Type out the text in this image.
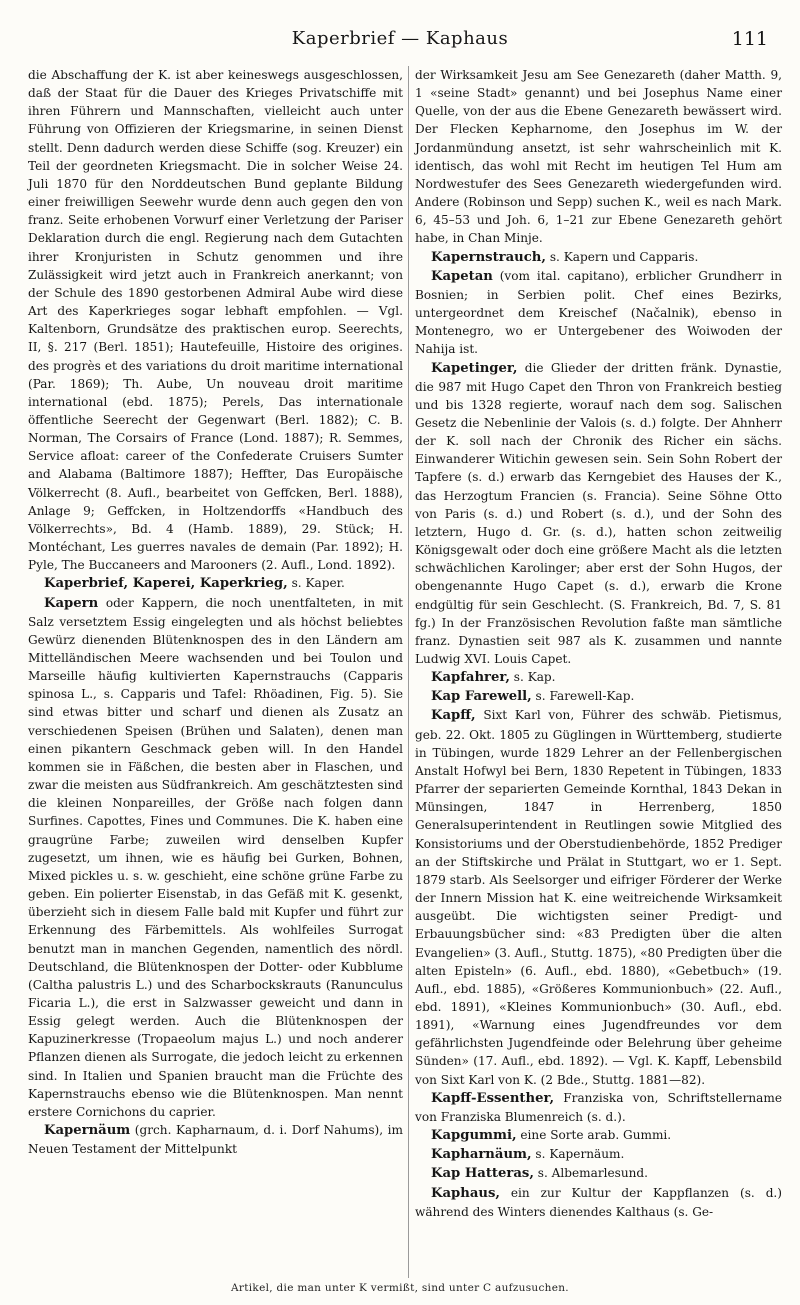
Kaperbrief — Kaphaus	111

die Abschaffung der K. ist aber keineswegs ausgeschlossen, daß der Staat für die Dauer des Krieges Privatschiffe mit ihren Führern und Mannschaften, vielleicht auch unter Führung von Offizieren der Kriegsmarine, in seinen Dienst stellt. Denn dadurch werden diese Schiffe (sog. Kreuzer) ein Teil der geordneten Kriegsmacht. Die in solcher Weise 24. Juli 1870 für den Norddeutschen Bund geplante Bildung einer freiwilligen Seewehr wurde denn auch gegen den von franz. Seite erhobenen Vorwurf einer Verletzung der Pariser Deklaration durch die engl. Regierung nach dem Gutachten ihrer Kronjuristen in Schutz genommen und ihre Zulässigkeit wird jetzt auch in Frankreich anerkannt; von der Schule des 1890 gestorbenen Admiral Aube wird diese Art des Kaperkrieges sogar lebhaft empfohlen. — Vgl. Kaltenborn, Grundsätze des praktischen europ. Seerechts, II, §. 217 (Berl. 1851); Hautefeuille, Histoire des origines. des progrès et des variations du droit maritime international (Par. 1869); Th. Aube, Un nouveau droit maritime international (ebd. 1875); Perels, Das internationale öffentliche Seerecht der Gegenwart (Berl. 1882); C. B. Norman, The Corsairs of France (Lond. 1887); R. Semmes, Service afloat: career of the Confederate Cruisers Sumter and Alabama (Baltimore 1887); Heffter, Das Europäische Völkerrecht (8. Aufl., bearbeitet von Geffcken, Berl. 1888), Anlage 9; Geffcken, in Holtzendorffs «Handbuch des Völkerrechts», Bd. 4 (Hamb. 1889), 29. Stück; H. Montéchant, Les guerres navales de demain (Par. 1892); H. Pyle, The Buccaneers and Marooners (2. Aufl., Lond. 1892).

Kaperbrief, Kaperei, Kaperkrieg, s. Kaper.

Kapern oder Kappern, die noch unentfalteten, in mit Salz versetztem Essig eingelegten und als höchst beliebtes Gewürz dienenden Blütenknospen des in den Ländern am Mittelländischen Meere wachsenden und bei Toulon und Marseille häufig kultivierten Kapernstrauchs (Capparis spinosa L., s. Capparis und Tafel: Rhöadinen, Fig. 5). Sie sind etwas bitter und scharf und dienen als Zusatz an verschiedenen Speisen (Brühen und Salaten), denen man einen pikantern Geschmack geben will. In den Handel kommen sie in Fäßchen, die besten aber in Flaschen, und zwar die meisten aus Südfrankreich. Am geschätztesten sind die kleinen Nonpareilles, der Größe nach folgen dann Surfines. Capottes, Fines und Communes. Die K. haben eine graugrüne Farbe; zuweilen wird denselben Kupfer zugesetzt, um ihnen, wie es häufig bei Gurken, Bohnen, Mixed pickles u. s. w. geschieht, eine schöne grüne Farbe zu geben. Ein polierter Eisenstab, in das Gefäß mit K. gesenkt, überzieht sich in diesem Falle bald mit Kupfer und führt zur Erkennung des Färbemittels. Als wohlfeiles Surrogat benutzt man in manchen Gegenden, namentlich des nördl. Deutschland, die Blütenknospen der Dotter- oder Kubblume (Caltha palustris L.) und des Scharbockskrauts (Ranunculus Ficaria L.), die erst in Salzwasser geweicht und dann in Essig gelegt werden. Auch die Blütenknospen der Kapuzinerkresse (Tropaeolum majus L.) und noch anderer Pflanzen dienen als Surrogate, die jedoch leicht zu erkennen sind. In Italien und Spanien braucht man die Früchte des Kapernstrauchs ebenso wie die Blütenknospen. Man nennt erstere Cornichons du caprier.

Kapernäum (grch. Kapharnaum, d. i. Dorf Nahums), im Neuen Testament der Mittelpunkt

der Wirksamkeit Jesu am See Genezareth (daher Matth. 9, 1 «seine Stadt» genannt) und bei Josephus Name einer Quelle, von der aus die Ebene Genezareth bewässert wird. Der Flecken Kepharnome, den Josephus im W. der Jordanmündung ansetzt, ist sehr wahrscheinlich mit K. identisch, das wohl mit Recht im heutigen Tel Hum am Nordwestufer des Sees Genezareth wiedergefunden wird. Andere (Robinson und Sepp) suchen K., weil es nach Mark. 6, 45–53 und Joh. 6, 1–21 zur Ebene Genezareth gehört habe, in Chan Minje.

Kapernstrauch, s. Kapern und Capparis.

Kapetan (vom ital. capitano), erblicher Grundherr in Bosnien; in Serbien polit. Chef eines Bezirks, untergeordnet dem Kreischef (Načalnik), ebenso in Montenegro, wo er Untergebener des Woiwoden der Nahija ist.

Kapetinger, die Glieder der dritten fränk. Dynastie, die 987 mit Hugo Capet den Thron von Frankreich bestieg und bis 1328 regierte, worauf nach dem sog. Salischen Gesetz die Nebenlinie der Valois (s. d.) folgte. Der Ahnherr der K. soll nach der Chronik des Richer ein sächs. Einwanderer Witichin gewesen sein. Sein Sohn Robert der Tapfere (s. d.) erwarb das Kerngebiet des Hauses der K., das Herzogtum Francien (s. Francia). Seine Söhne Otto von Paris (s. d.) und Robert (s. d.), und der Sohn des letztern, Hugo d. Gr. (s. d.), hatten schon zeitweilig Königsgewalt oder doch eine größere Macht als die letzten schwächlichen Karolinger; aber erst der Sohn Hugos, der obengenannte Hugo Capet (s. d.), erwarb die Krone endgültig für sein Geschlecht. (S. Frankreich, Bd. 7, S. 81 fg.) In der Französischen Revolution faßte man sämtliche franz. Dynastien seit 987 als K. zusammen und nannte Ludwig XVI. Louis Capet.

Kapfahrer, s. Kap.

Kap Farewell, s. Farewell-Kap.

Kapff, Sixt Karl von, Führer des schwäb. Pietismus, geb. 22. Okt. 1805 zu Güglingen in Württemberg, studierte in Tübingen, wurde 1829 Lehrer an der Fellenbergischen Anstalt Hofwyl bei Bern, 1830 Repetent in Tübingen, 1833 Pfarrer der separierten Gemeinde Kornthal, 1843 Dekan in Münsingen, 1847 in Herrenberg, 1850 Generalsuperintendent in Reutlingen sowie Mitglied des Konsistoriums und der Oberstudienbehörde, 1852 Prediger an der Stiftskirche und Prälat in Stuttgart, wo er 1. Sept. 1879 starb. Als Seelsorger und eifriger Förderer der Werke der Innern Mission hat K. eine weitreichende Wirksamkeit ausgeübt. Die wichtigsten seiner Predigt- und Erbauungsbücher sind: «83 Predigten über die alten Evangelien» (3. Aufl., Stuttg. 1875), «80 Predigten über die alten Episteln» (6. Aufl., ebd. 1880), «Gebetbuch» (19. Aufl., ebd. 1885), «Größeres Kommunionbuch» (22. Aufl., ebd. 1891), «Kleines Kommunionbuch» (30. Aufl., ebd. 1891), «Warnung eines Jugendfreundes vor dem gefährlichsten Jugendfeinde oder Belehrung über geheime Sünden» (17. Aufl., ebd. 1892). — Vgl. K. Kapff, Lebensbild von Sixt Karl von K. (2 Bde., Stuttg. 1881—82).

Kapff-Essenther, Franziska von, Schriftstellername von Franziska Blumenreich (s. d.).

Kapgummi, eine Sorte arab. Gummi.

Kapharnäum, s. Kapernäum.

Kap Hatteras, s. Albemarlesund.

Kaphaus, ein zur Kultur der Kappflanzen (s. d.) während des Winters dienendes Kalthaus (s. Ge-

Artikel, die man unter K vermißt, sind unter C aufzusuchen.
